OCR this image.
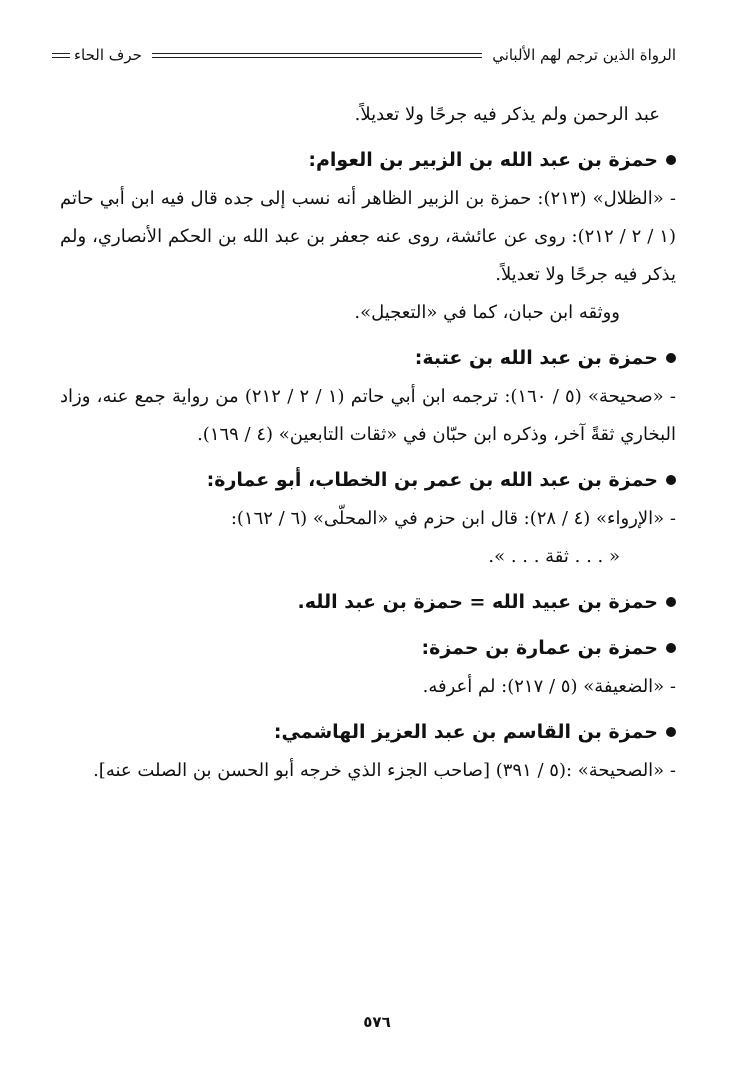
الرواة الذين ترجم لهم الألباني
حرف الحاء

عبد الرحمن ولم يذكر فيه جرحًا ولا تعديلاً.

حمزة بن عبد الله بن الزبير بن العوام:

- «الظلال» (٢١٣): حمزة بن الزبير الظاهر أنه نسب إلى جده قال فيه ابن أبي حاتم (١ / ٢ / ٢١٢): روى عن عائشة، روى عنه جعفر بن عبد الله بن الحكم الأنصاري، ولم يذكر فيه جرحًا ولا تعديلاً.

ووثقه ابن حبان، كما في «التعجيل».

حمزة بن عبد الله بن عتبة:

- «صحيحة» (٥ / ١٦٠): ترجمه ابن أبي حاتم (١ / ٢ / ٢١٢) من رواية جمع عنه، وزاد البخاري ثقةً آخر، وذكره ابن حبّان في «ثقات التابعين» (٤ / ١٦٩).

حمزة بن عبد الله بن عمر بن الخطاب، أبو عمارة:

- «الإرواء» (٤ / ٢٨): قال ابن حزم في «المحلّى» (٦ / ١٦٢):

« . . . ثقة . . . ».

حمزة بن عبيد الله = حمزة بن عبد الله.
حمزة بن عمارة بن حمزة:

- «الضعيفة» (٥ / ٢١٧): لم أعرفه.

حمزة بن القاسم بن عبد العزيز الهاشمي:

- «الصحيحة» :(٥ / ٣٩١) [صاحب الجزء الذي خرجه أبو الحسن بن الصلت عنه].

٥٧٦
